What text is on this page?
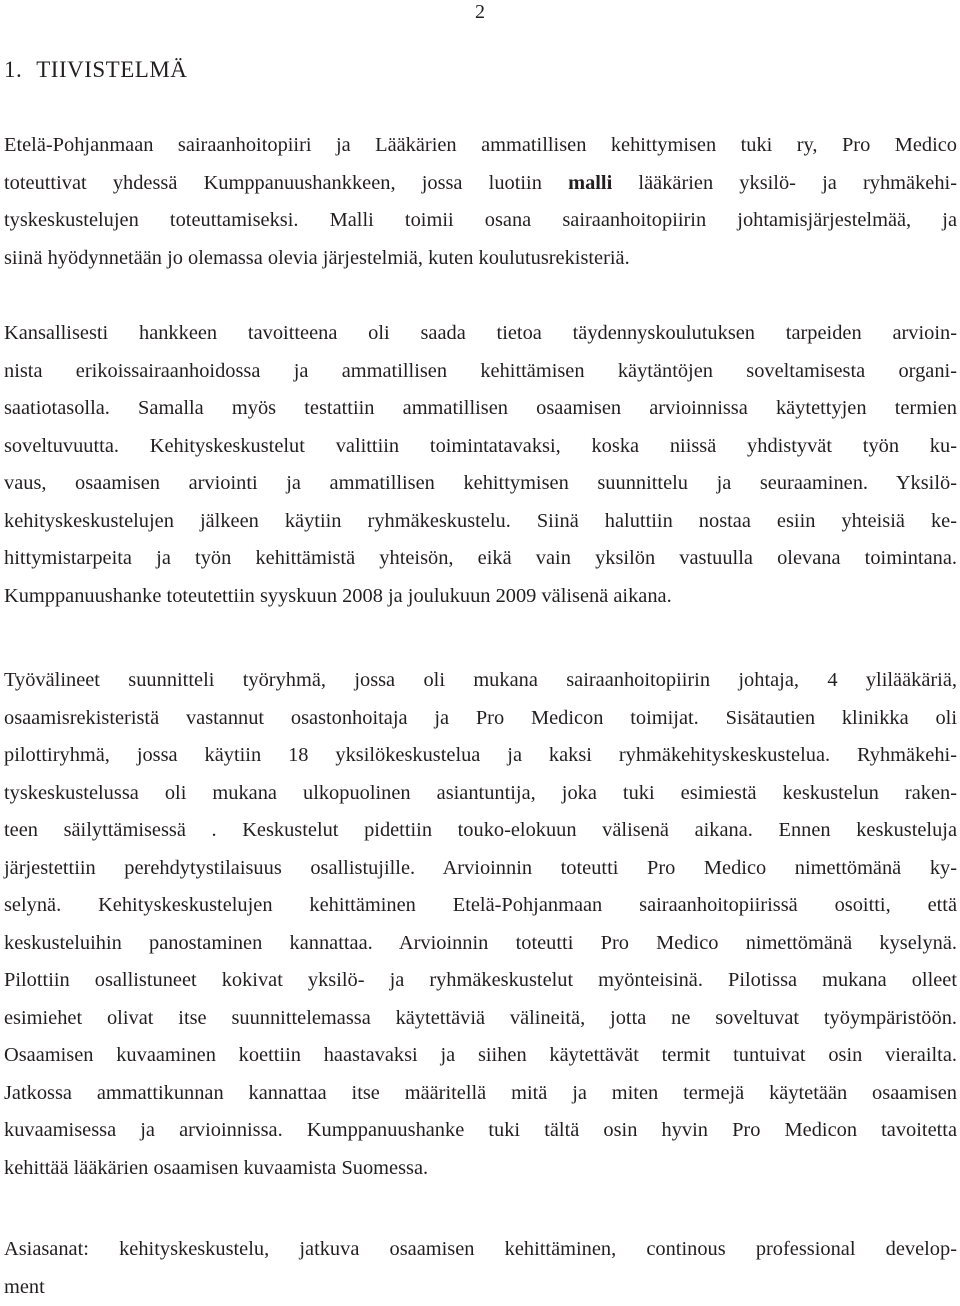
2
1. TIIVISTELMÄ
Etelä-Pohjanmaan sairaanhoitopiiri ja Lääkärien ammatillisen kehittymisen tuki ry, Pro Medico
toteuttivat yhdessä Kumppanuushankkeen, jossa luotiin malli lääkärien yksilö- ja ryhmäkehi-
tyskeskustelujen toteuttamiseksi. Malli toimii osana sairaanhoitopiirin johtamisjärjestelmää, ja
siinä hyödynnetään jo olemassa olevia järjestelmiä, kuten koulutusrekisteriä.
Kansallisesti hankkeen tavoitteena oli saada tietoa täydennyskoulutuksen tarpeiden arvioin-
nista erikoissairaanhoidossa ja ammatillisen kehittämisen käytäntöjen soveltamisesta organi-
saatiotasolla. Samalla myös testattiin ammatillisen osaamisen arvioinnissa käytettyjen termien
soveltuvuutta. Kehityskeskustelut valittiin toimintatavaksi, koska niissä yhdistyvät työn ku-
vaus, osaamisen arviointi ja ammatillisen kehittymisen suunnittelu ja seuraaminen. Yksilö-
kehityskeskustelujen jälkeen käytiin ryhmäkeskustelu. Siinä haluttiin nostaa esiin yhteisiä ke-
hittymistarpeita ja työn kehittämistä yhteisön, eikä vain yksilön vastuulla olevana toimintana.
Kumppanuushanke toteutettiin syyskuun 2008 ja joulukuun 2009 välisenä aikana.
Työvälineet suunnitteli työryhmä, jossa oli mukana sairaanhoitopiirin johtaja, 4 ylilääkäriä,
osaamisrekisteristä vastannut osastonhoitaja ja Pro Medicon toimijat. Sisätautien klinikka oli
pilottiryhmä, jossa käytiin 18 yksilökeskustelua ja kaksi ryhmäkehityskeskustelua. Ryhmäkehi-
tyskeskustelussa oli mukana ulkopuolinen asiantuntija, joka tuki esimiestä keskustelun raken-
teen säilyttämisessä . Keskustelut pidettiin touko-elokuun välisenä aikana. Ennen keskusteluja
järjestettiin perehdytystilaisuus osallistujille. Arvioinnin toteutti Pro Medico nimettömänä ky-
selynä. Kehityskeskustelujen kehittäminen Etelä-Pohjanmaan sairaanhoitopiirissä osoitti, että
keskusteluihin panostaminen kannattaa. Arvioinnin toteutti Pro Medico nimettömänä kyselynä.
Pilottiin osallistuneet kokivat yksilö- ja ryhmäkeskustelut myönteisinä. Pilotissa mukana olleet
esimiehet olivat itse suunnittelemassa käytettäviä välineitä, jotta ne soveltuvat työympäristöön.
Osaamisen kuvaaminen koettiin haastavaksi ja siihen käytettävät termit tuntuivat osin vierailta.
Jatkossa ammattikunnan kannattaa itse määritellä mitä ja miten termejä käytetään osaamisen
kuvaamisessa ja arvioinnissa. Kumppanuushanke tuki tältä osin hyvin Pro Medicon tavoitetta
kehittää lääkärien osaamisen kuvaamista Suomessa.
Asiasanat: kehityskeskustelu, jatkuva osaamisen kehittäminen, continous professional develop-
ment
